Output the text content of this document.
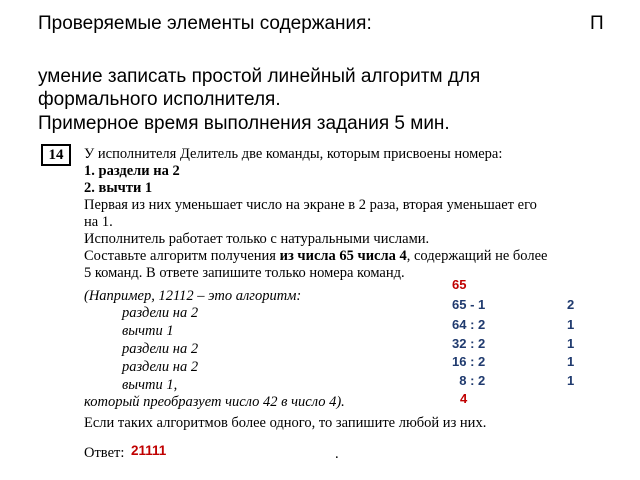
Проверяемые элементы содержания:	П
умение записать простой линейный алгоритм для
формального исполнителя.
Примерное время выполнения задания 5 мин.

14	У исполнителя Делитель две команды, которым присвоены номера:
1. раздели на 2
2. вычти 1
Первая из них уменьшает число на экране в 2 раза, вторая уменьшает его
на 1.
Исполнитель работает только с натуральными числами.
Составьте алгоритм получения из числа 65 числа 4, содержащий не более
5 команд. В ответе запишите только номера команд.
(Например, 12112 – это алгоритм:
раздели на 2
вычти 1
раздели на 2
раздели на 2
вычти 1,
который преобразует число 42 в число 4).
Если таких алгоритмов более одного, то запишите любой из них.
Ответ: 21111	.
65
65 - 1	2
64 : 2	1
32 : 2	1
16 : 2	1
8 : 2	1
4
